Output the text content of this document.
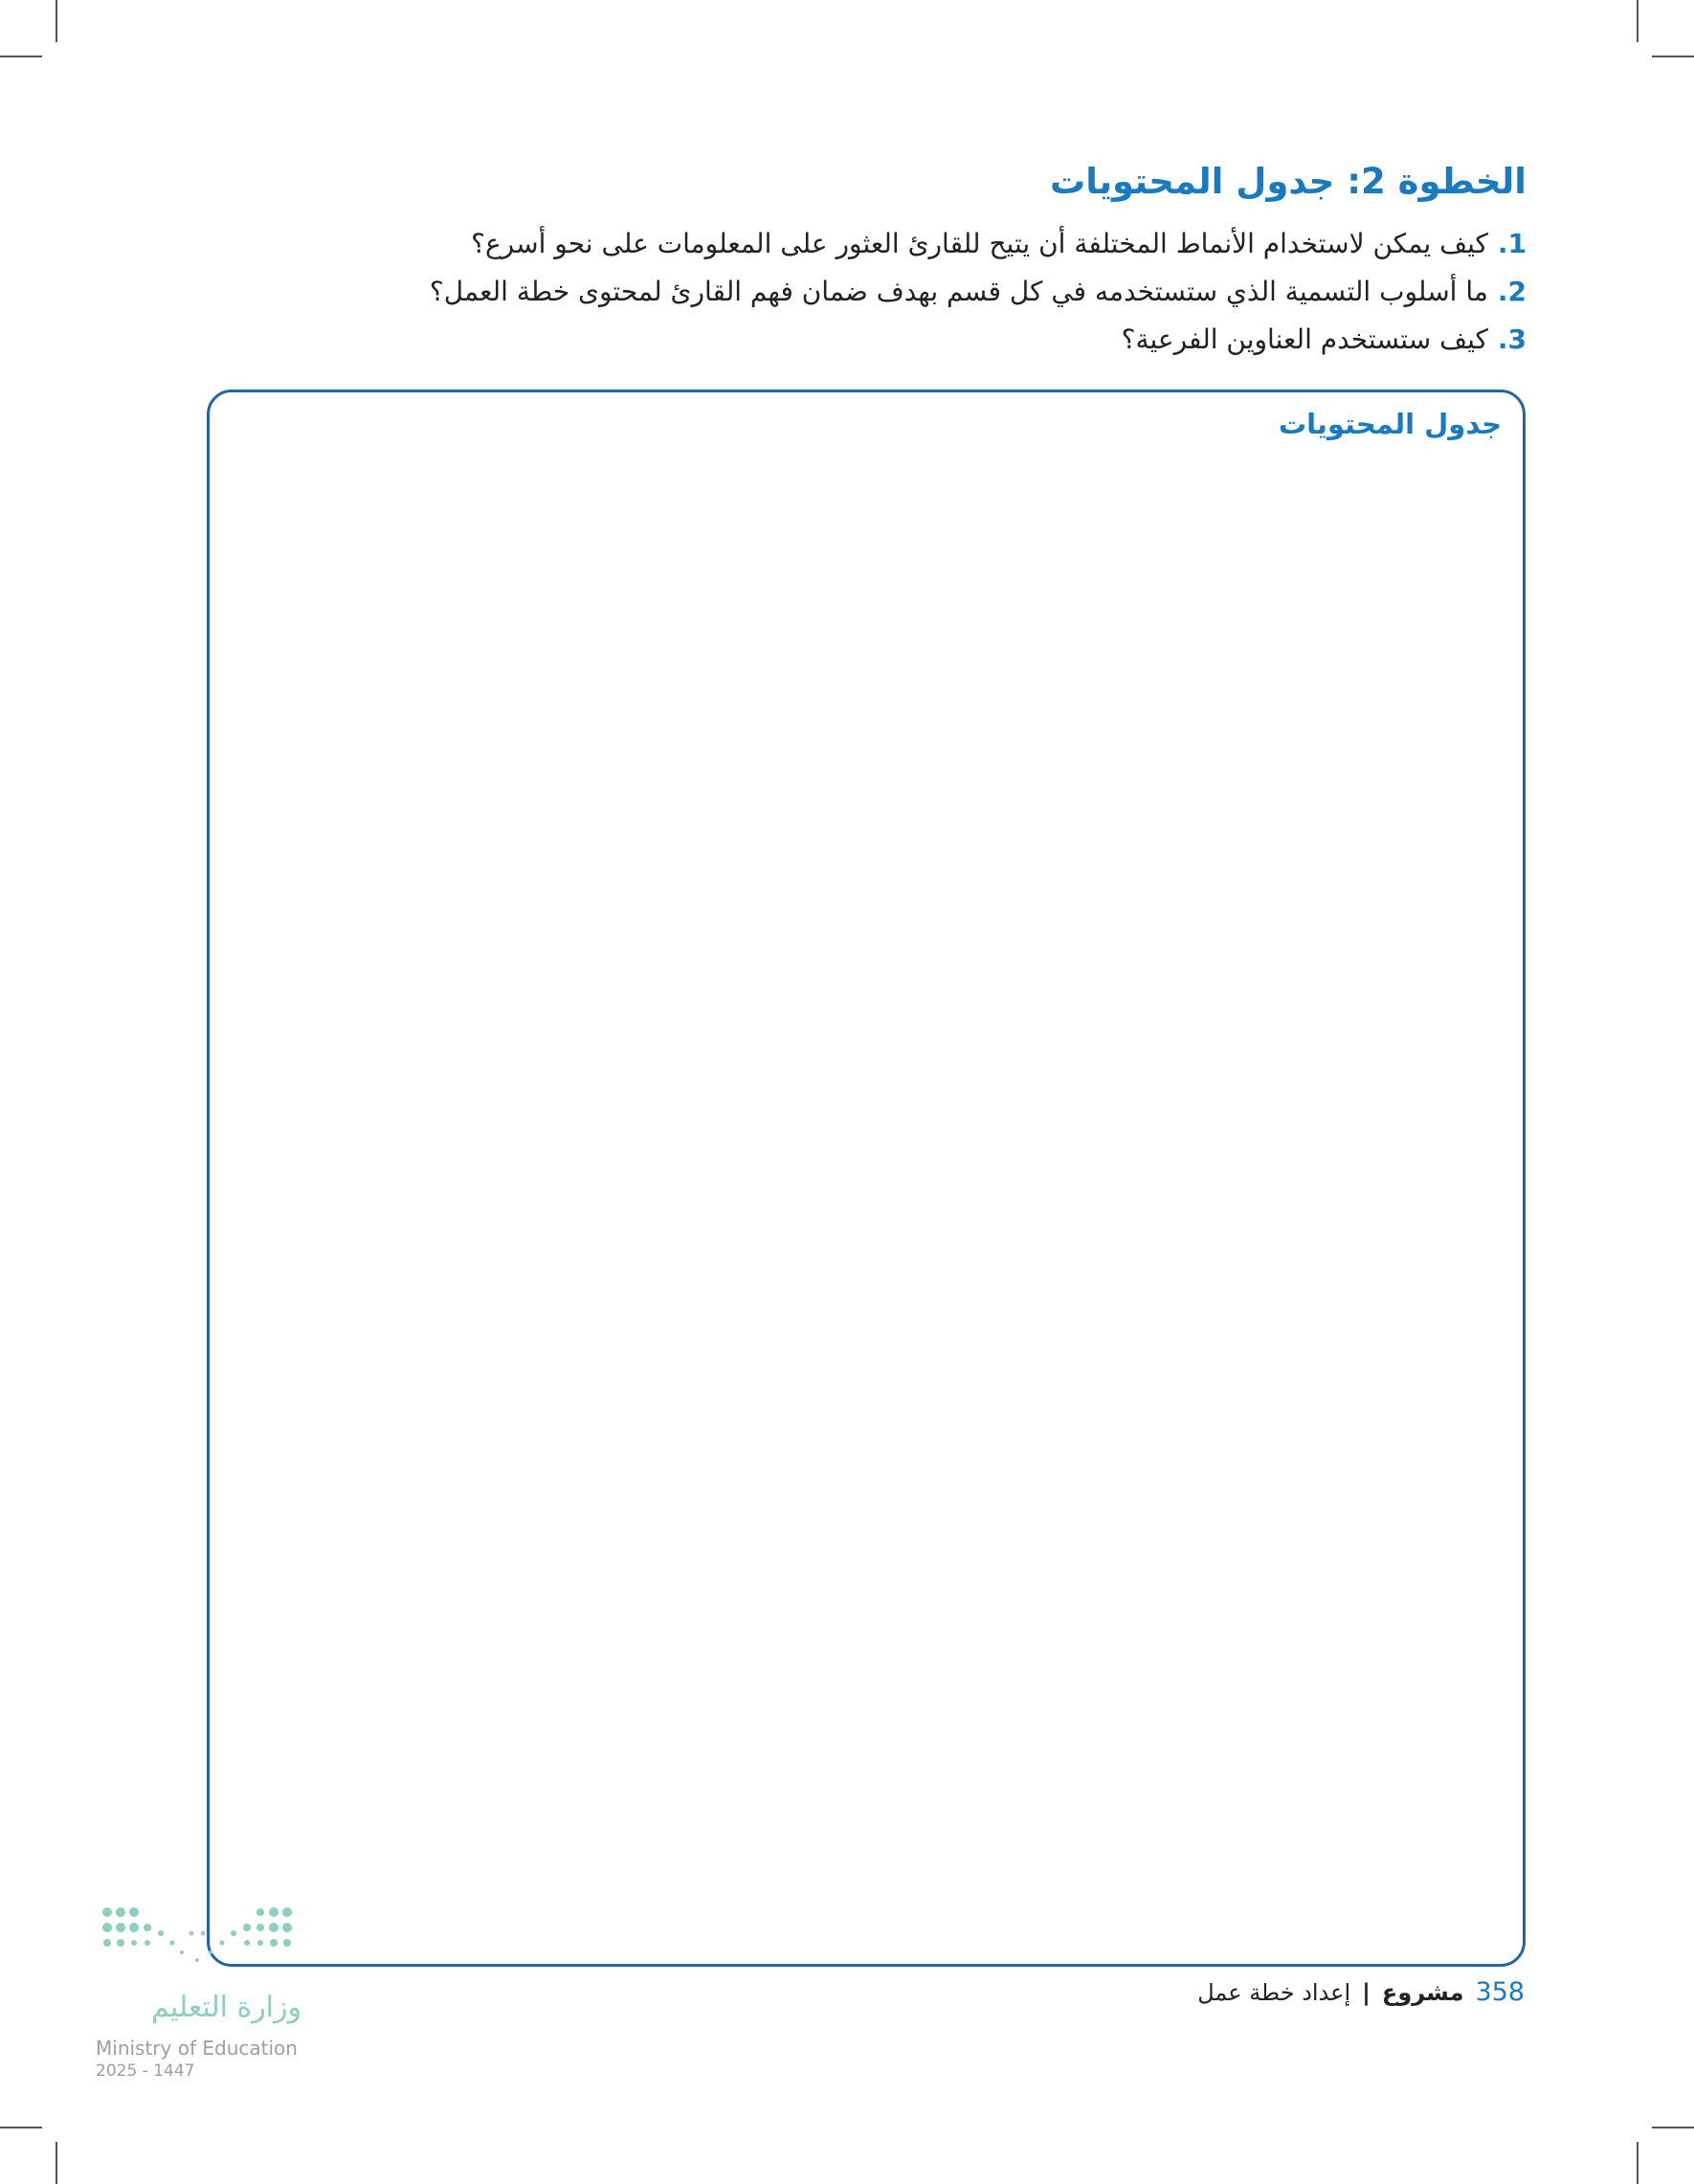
الخطوة 2: جدول المحتويات
1.
كيف يمكن لاستخدام الأنماط المختلفة أن يتيح للقارئ العثور على المعلومات على نحو أسرع؟
2.
ما أسلوب التسمية الذي ستستخدمه في كل قسم بهدف ضمان فهم القارئ لمحتوى خطة العمل؟
3.
كيف ستستخدم العناوين الفرعية؟
جدول المحتويات
وزارة التعليم
Ministry of Education
2025 - 1447
358
مشروع
|
إعداد خطة عمل
